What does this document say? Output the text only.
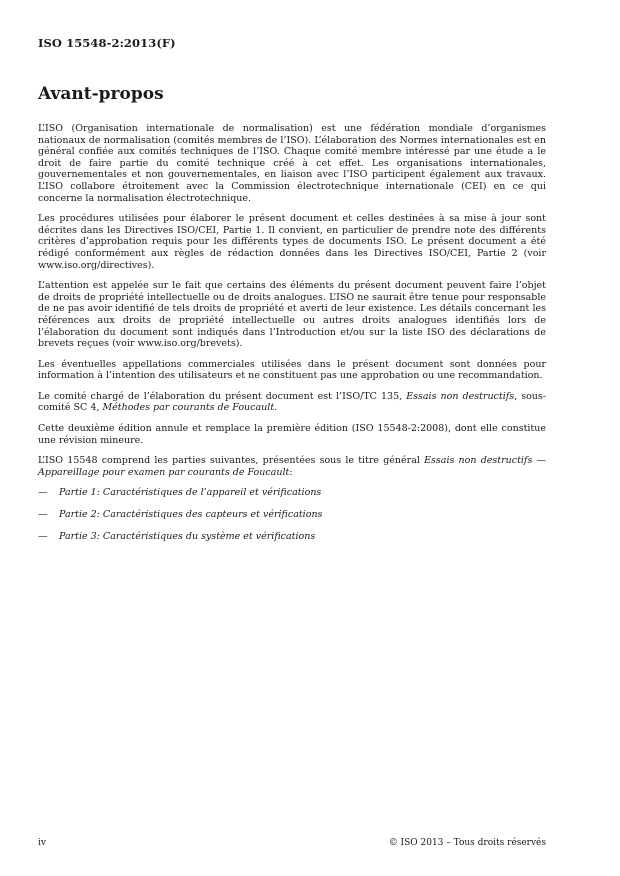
ISO 15548-2:2013(F)
Avant-propos

L’ISO (Organisation internationale de normalisation) est une fédération mondiale d’organismes nationaux de normalisation (comités membres de l’ISO). L’élaboration des Normes internationales est en général confiée aux comités techniques de l’ISO. Chaque comité membre intéressé par une étude a le droit de faire partie du comité technique créé à cet effet. Les organisations internationales, gouvernementales et non gouvernementales, en liaison avec l’ISO participent également aux travaux. L’ISO collabore étroitement avec la Commission électrotechnique internationale (CEI) en ce qui concerne la normalisation électrotechnique.

Les procédures utilisées pour élaborer le présent document et celles destinées à sa mise à jour sont décrites dans les Directives ISO/CEI, Partie 1. Il convient, en particulier de prendre note des différents critères d’approbation requis pour les différents types de documents ISO. Le présent document a été rédigé conformément aux règles de rédaction données dans les Directives ISO/CEI, Partie 2 (voir www.iso.org/directives).

L’attention est appelée sur le fait que certains des éléments du présent document peuvent faire l’objet de droits de propriété intellectuelle ou de droits analogues. L’ISO ne saurait être tenue pour responsable de ne pas avoir identifié de tels droits de propriété et averti de leur existence. Les détails concernant les références aux droits de propriété intellectuelle ou autres droits analogues identifiés lors de l’élaboration du document sont indiqués dans l’Introduction et/ou sur la liste ISO des déclarations de brevets reçues (voir www.iso.org/brevets).

Les éventuelles appellations commerciales utilisées dans le présent document sont données pour information à l’intention des utilisateurs et ne constituent pas une approbation ou une recommandation.

Le comité chargé de l’élaboration du présent document est l’ISO/TC 135, Essais non destructifs, sous-comité SC 4, Méthodes par courants de Foucault.

Cette deuxième édition annule et remplace la première édition (ISO 15548-2:2008), dont elle constitue une révision mineure.

L’ISO 15548 comprend les parties suivantes, présentées sous le titre général Essais non destructifs — Appareillage pour examen par courants de Foucault:

—	Partie 1: Caractéristiques de l’appareil et vérifications
—	Partie 2: Caractéristiques des capteurs et vérifications
—	Partie 3: Caractéristiques du système et vérifications
iv	© ISO 2013 – Tous droits réservés
